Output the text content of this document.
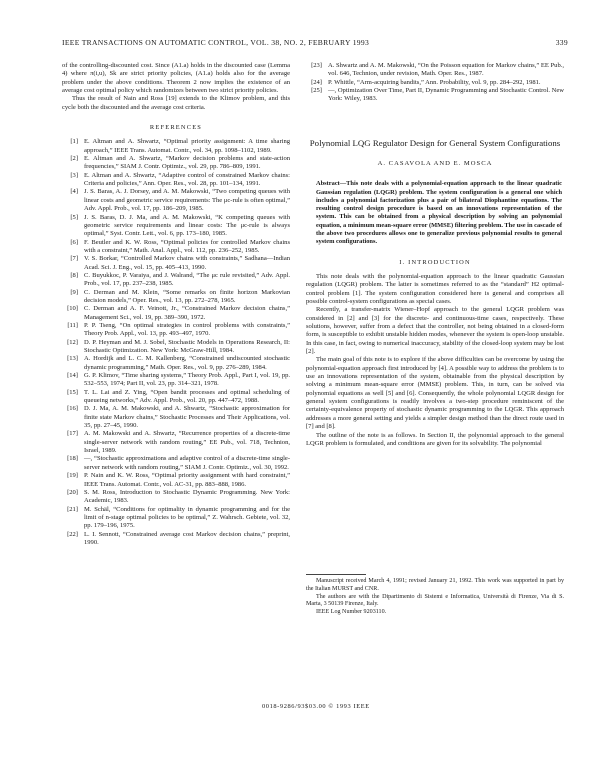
IEEE TRANSACTIONS ON AUTOMATIC CONTROL, VOL. 38, NO. 2, FEBRUARY 1993	339

of the controlling-discounted cost. Since (A1.a) holds in the discounted case (Lemma 4) where π(i,u), Sk are strict priority policies, (A1.a) holds also for the average problem under the above conditions. Theorem 2 now implies the existence of an average cost optimal policy which randomizes between two strict priority policies.

Thus the result of Nain and Ross [19] extends to the Klimov problem, and this cycle both the discounted and the average cost criteria.

REFERENCES
[1] E. Altman and A. Shwartz, “Optimal priority assignment: A time sharing approach,” IEEE Trans. Automat. Contr., vol. 34, pp. 1098–1102, 1989.
[2] E. Altman and A. Shwartz, “Markov decision problems and state-action frequencies,” SIAM J. Contr. Optimiz., vol. 29, pp. 786–809, 1991.
[3] E. Altman and A. Shwartz, “Adaptive control of constrained Markov chains: Criteria and policies,” Ann. Oper. Res., vol. 28, pp. 101–134, 1991.
[4] J. S. Baras, A. J. Dorsey, and A. M. Makowski, “Two competing queues with linear costs and geometric service requirements: The μc-rule is often optimal,” Adv. Appl. Prob., vol. 17, pp. 186–209, 1985.
[5] J. S. Baras, D. J. Ma, and A. M. Makowski, “K competing queues with geometric service requirements and linear costs: The μc-rule is always optimal,” Syst. Contr. Lett., vol. 6, pp. 173–180, 1985.
[6] F. Beutler and K. W. Ross, “Optimal policies for controlled Markov chains with a constraint,” Math. Anal. Appl., vol. 112, pp. 236–252, 1985.
[7] V. S. Borkar, “Controlled Markov chains with constraints,” Sadhana—Indian Acad. Sci. J. Eng., vol. 15, pp. 405–413, 1990.
[8] C. Buyukkoc, P. Varaiya, and J. Walrand, “The μc rule revisited,” Adv. Appl. Prob., vol. 17, pp. 237–238, 1985.
[9] C. Derman and M. Klein, “Some remarks on finite horizon Markovian decision models,” Oper. Res., vol. 13, pp. 272–278, 1965.
[10] C. Derman and A. F. Veinott, Jr., “Constrained Markov decision chains,” Management Sci., vol. 19, pp. 389–390, 1972.
[11] P. P. Tseng, “On optimal strategies in control problems with constraints,” Theory Prob. Appl., vol. 13, pp. 493–497, 1970.
[12] D. P. Heyman and M. J. Sobel, Stochastic Models in Operations Research, II: Stochastic Optimization. New York: McGraw-Hill, 1984.
[13] A. Hordijk and L. C. M. Kallenberg, “Constrained undiscounted stochastic dynamic programming,” Math. Oper. Res., vol. 9, pp. 276–289, 1984.
[14] G. P. Klimov, “Time sharing systems,” Theory Prob. Appl., Part I, vol. 19, pp. 532–553, 1974; Part II, vol. 23, pp. 314–321, 1978.
[15] T. L. Lai and Z. Ying, “Open bandit processes and optimal scheduling of queueing networks,” Adv. Appl. Prob., vol. 20, pp. 447–472, 1988.
[16] D. J. Ma, A. M. Makowski, and A. Shwartz, “Stochastic approximation for finite state Markov chains,” Stochastic Processes and Their Applications, vol. 35, pp. 27–45, 1990.
[17] A. M. Makowski and A. Shwartz, “Recurrence properties of a discrete-time single-server network with random routing,” EE Pub., vol. 718, Technion, Israel, 1989.
[18] —, “Stochastic approximations and adaptive control of a discrete-time single-server network with random routing,” SIAM J. Contr. Optimiz., vol. 30, 1992.
[19] P. Nain and K. W. Ross, “Optimal priority assignment with hard constraint,” IEEE Trans. Automat. Contr., vol. AC-31, pp. 883–888, 1986.
[20] S. M. Ross, Introduction to Stochastic Dynamic Programming. New York: Academic, 1983.
[21] M. Schäl, “Conditions for optimality in dynamic programming and for the limit of n-stage optimal policies to be optimal,” Z. Wahrsch. Gebiete, vol. 32, pp. 179–196, 1975.
[22] L. I. Sennott, “Constrained average cost Markov decision chains,” preprint, 1990.
[23] A. Shwartz and A. M. Makowski, “On the Poisson equation for Markov chains,” EE Pub., vol. 646, Technion, under revision, Math. Oper. Res., 1987.
[24] P. Whittle, “Arm-acquiring bandits,” Ann. Probability, vol. 9, pp. 284–292, 1981.
[25] —, Optimization Over Time, Part II, Dynamic Programming and Stochastic Control. New York: Wiley, 1983.
Polynomial LQG Regulator Design for General System Configurations
A. CASAVOLA AND E. MOSCA

Abstract—This note deals with a polynomial-equation approach to the linear quadratic Gaussian regulation (LQGR) problem. The system configuration is a general one which includes a polynomial factorization plus a pair of bilateral Diophantine equations. The resulting control design procedure is based on an innovations representation of the system. This can be obtained from a physical description by solving an polynomial equation, a minimum mean-square error (MMSE) filtering problem. The use in cascade of the above two procedures allows one to generalize previous polynomial results to general system configurations.

I. INTRODUCTION

This note deals with the polynomial-equation approach to the linear quadratic Gaussian regulation (LQGR) problem. The latter is sometimes referred to as the “standard” H2 optimal-control problem [1]. The system configuration considered here is general and comprises all possible control-system configurations as special cases.

Recently, a transfer-matrix Wiener–Hopf approach to the general LQGR problem was considered in [2] and [3] for the discrete- and continuous-time cases, respectively. These solutions, however, suffer from a defect that the controller, not being obtained in a closed-form form, is susceptible to exhibit unstable hidden modes, whenever the system is open-loop unstable. In this case, in fact, owing to numerical inaccuracy, stability of the closed-loop system may be lost [2].

The main goal of this note is to explore if the above difficulties can be overcome by using the polynomial-equation approach first introduced by [4]. A possible way to address the problem is to use an innovations representation of the system, obtainable from the physical description by solving a minimum mean-square error (MMSE) problem. This, in turn, can be solved via polynomial equations as well [5] and [6]. Consequently, the whole polynomial LQGR design for general system configurations is readily involves a two-step procedure reminiscent of the certainty-equivalence property of stochastic dynamic programming to the LQGR. This approach addresses a more general setting and yields a simpler design method than the direct route used in [7] and [8].

The outline of the note is as follows. In Section II, the polynomial approach to the general LQGR problem is formulated, and conditions are given for its solvability. The polynomial

Manuscript received March 4, 1991; revised January 21, 1992. This work was supported in part by the Italian MURST and CNR.

The authors are with the Dipartimento di Sistemi e Informatica, Università di Firenze, Via di S. Marta, 3 50139 Firenze, Italy.

IEEE Log Number 9203110.

0018-9286/93$03.00 © 1993 IEEE
